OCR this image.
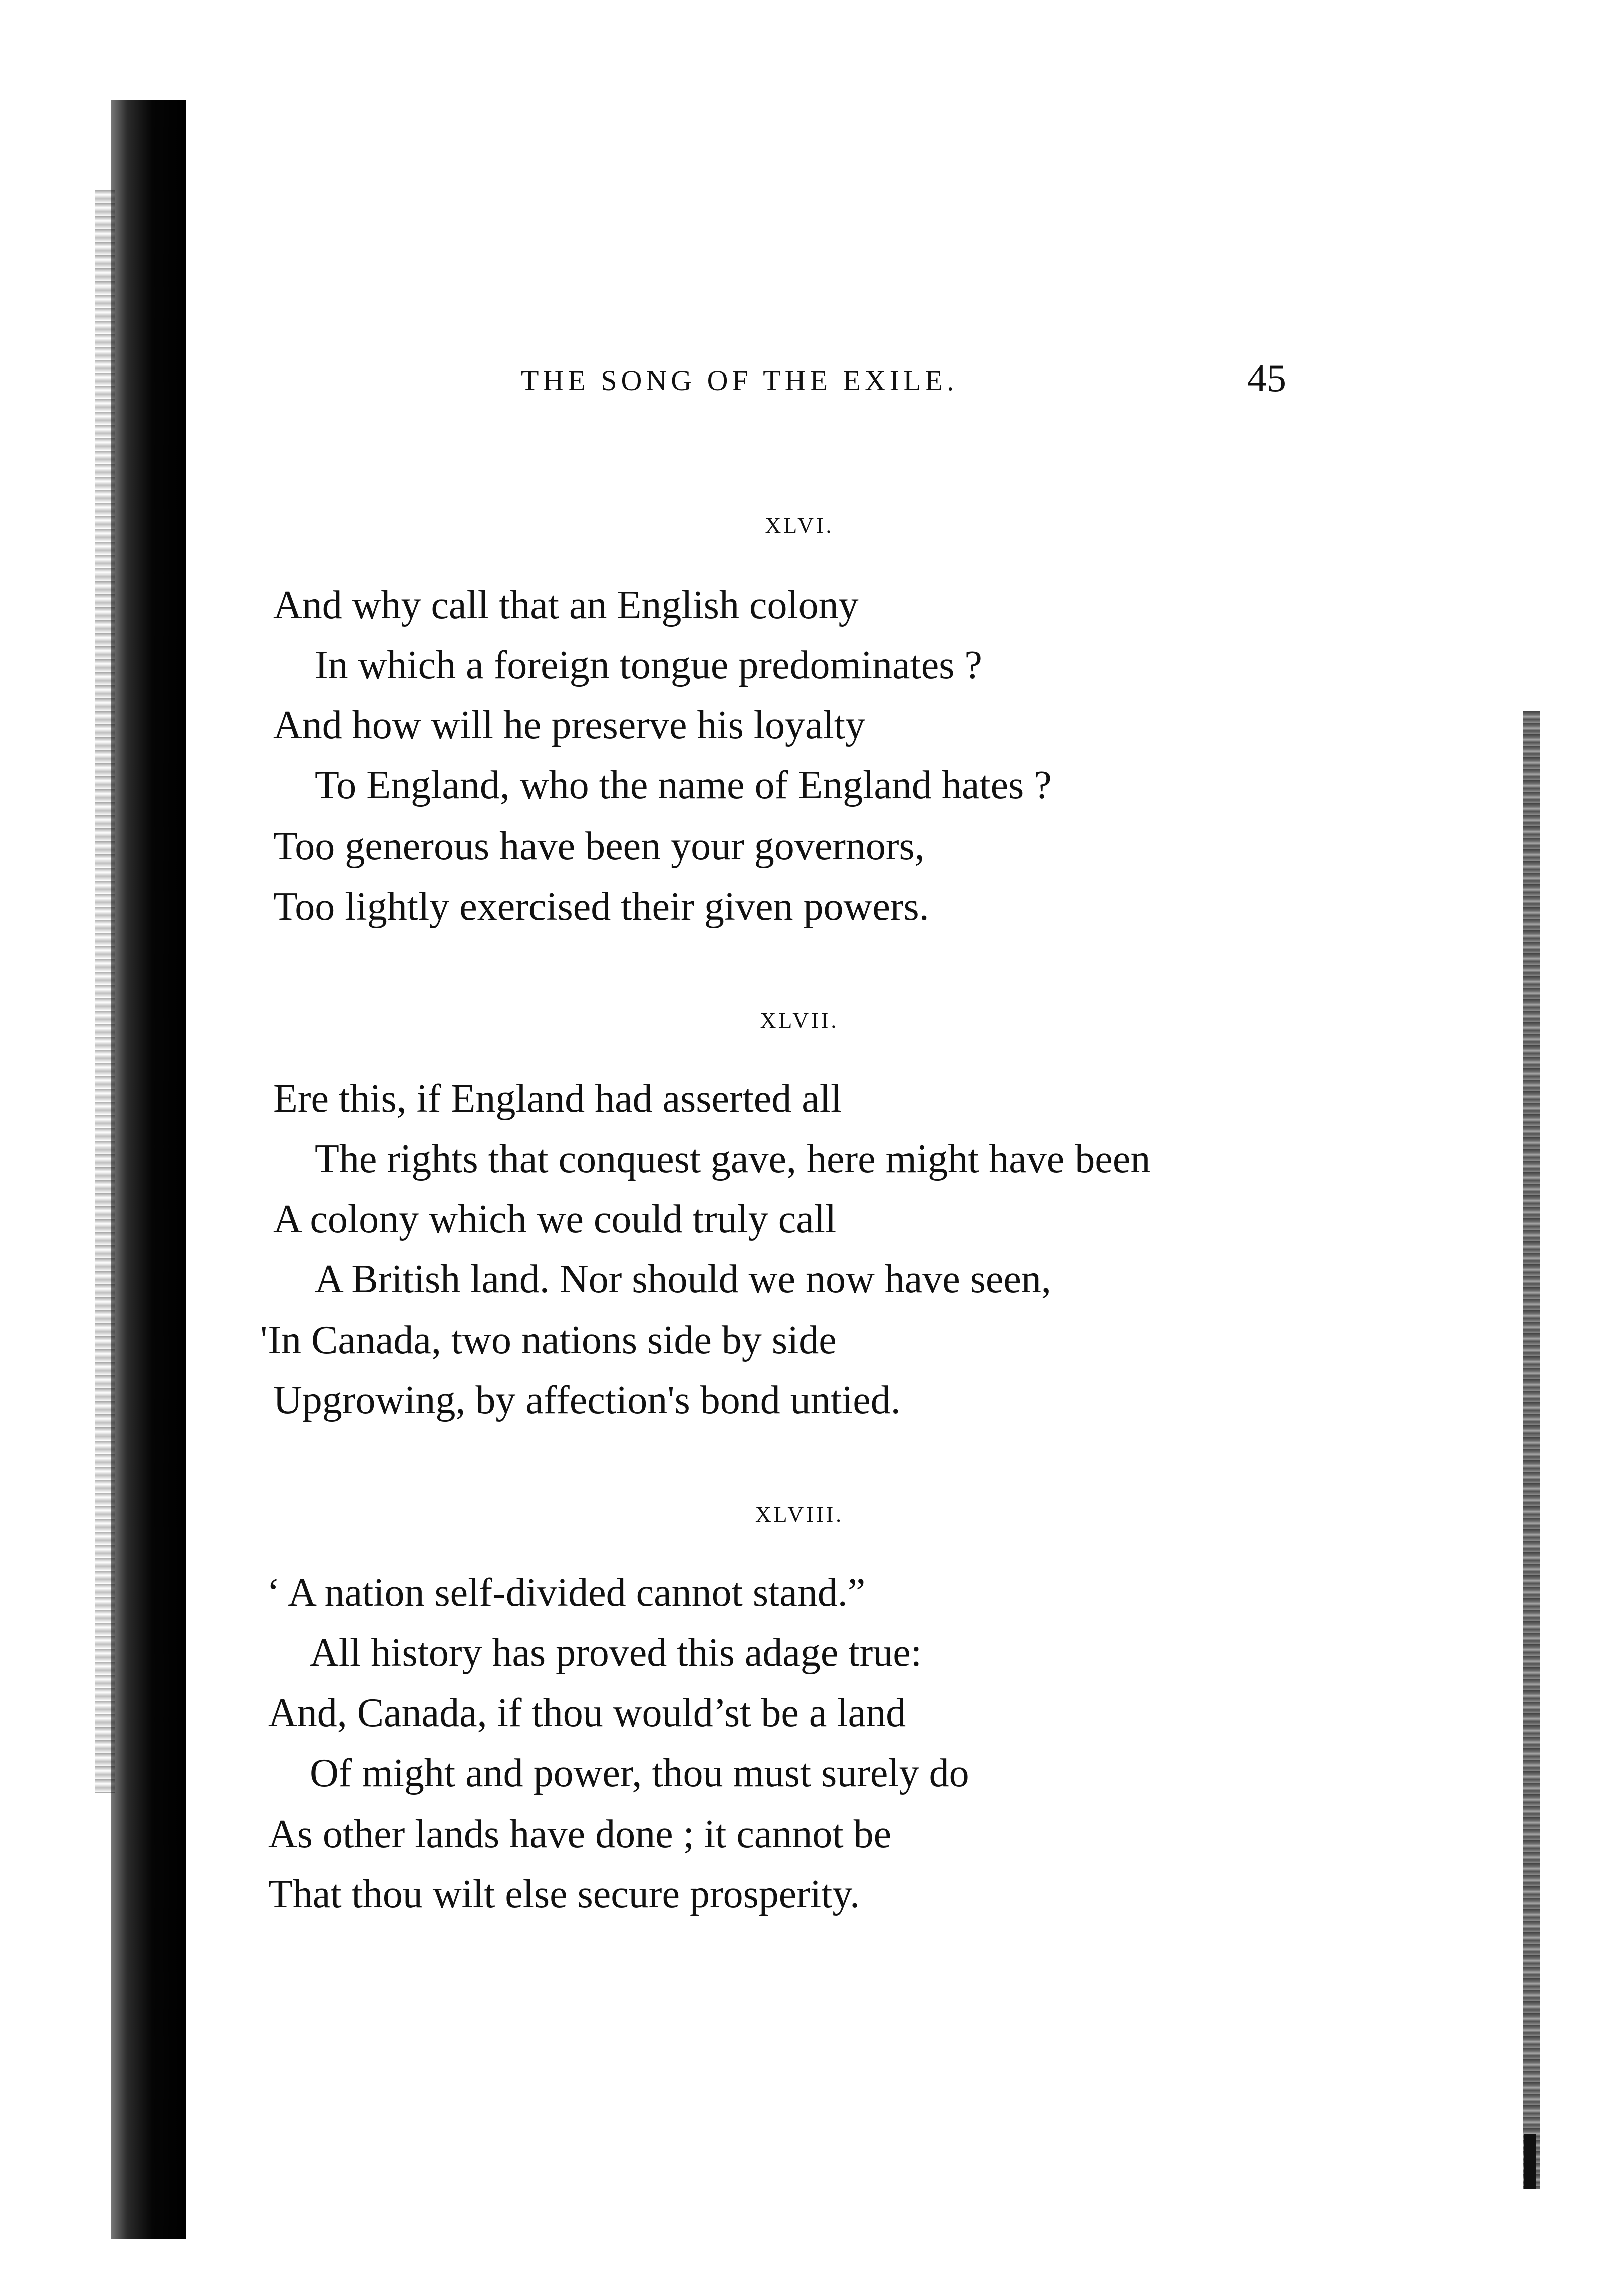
THE SONG OF THE EXILE.	45
XLVI.
And why call that an English colony
In which a foreign tongue predominates ?
And how will he preserve his loyalty
To England, who the name of England hates ?
Too generous have been your governors,
Too lightly exercised their given powers.
XLVII.
Ere this, if England had asserted all
The rights that conquest gave, here might have been
A colony which we could truly call
A British land. Nor should we now have seen,
'In Canada, two nations side by side
Upgrowing, by affection's bond untied.
XLVIII.
‘ A nation self-divided cannot stand.”
All history has proved this adage true:
And, Canada, if thou would’st be a land
Of might and power, thou must surely do
As other lands have done ; it cannot be
That thou wilt else secure prosperity.
